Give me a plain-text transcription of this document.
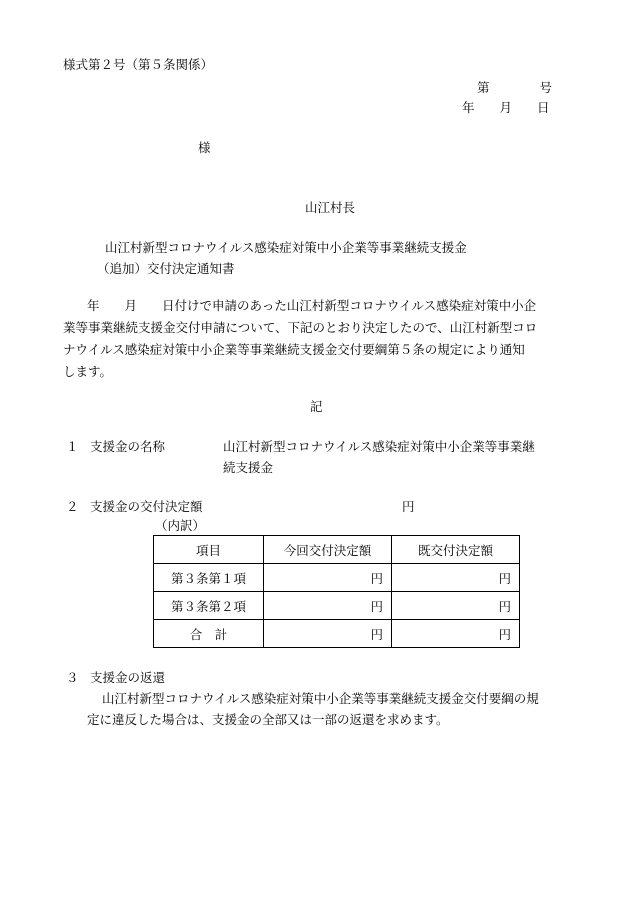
様式第２号（第５条関係）
第　　　　号
年　　月　　日
様
山江村長
山江村新型コロナウイルス感染症対策中小企業等事業継続支援金
（追加）交付決定通知書
年　　月　　日付けで申請のあった山江村新型コロナウイルス感染症対策中小企
業等事業継続支援金交付申請について、下記のとおり決定したので、山江村新型コロ
ナウイルス感染症対策中小企業等事業継続支援金交付要綱第５条の規定により通知
します。
記
１ 支援金の名称	山江村新型コロナウイルス感染症対策中小企業等事業継
続支援金
２ 支援金の交付決定額	円
（内訳）
項目	今回交付決定額	既交付決定額
第３条第１項	円	円
第３条第２項	円	円
合　計	円	円
３ 支援金の返還
山江村新型コロナウイルス感染症対策中小企業等事業継続支援金交付要綱の規
定に違反した場合は、支援金の全部又は一部の返還を求めます。
